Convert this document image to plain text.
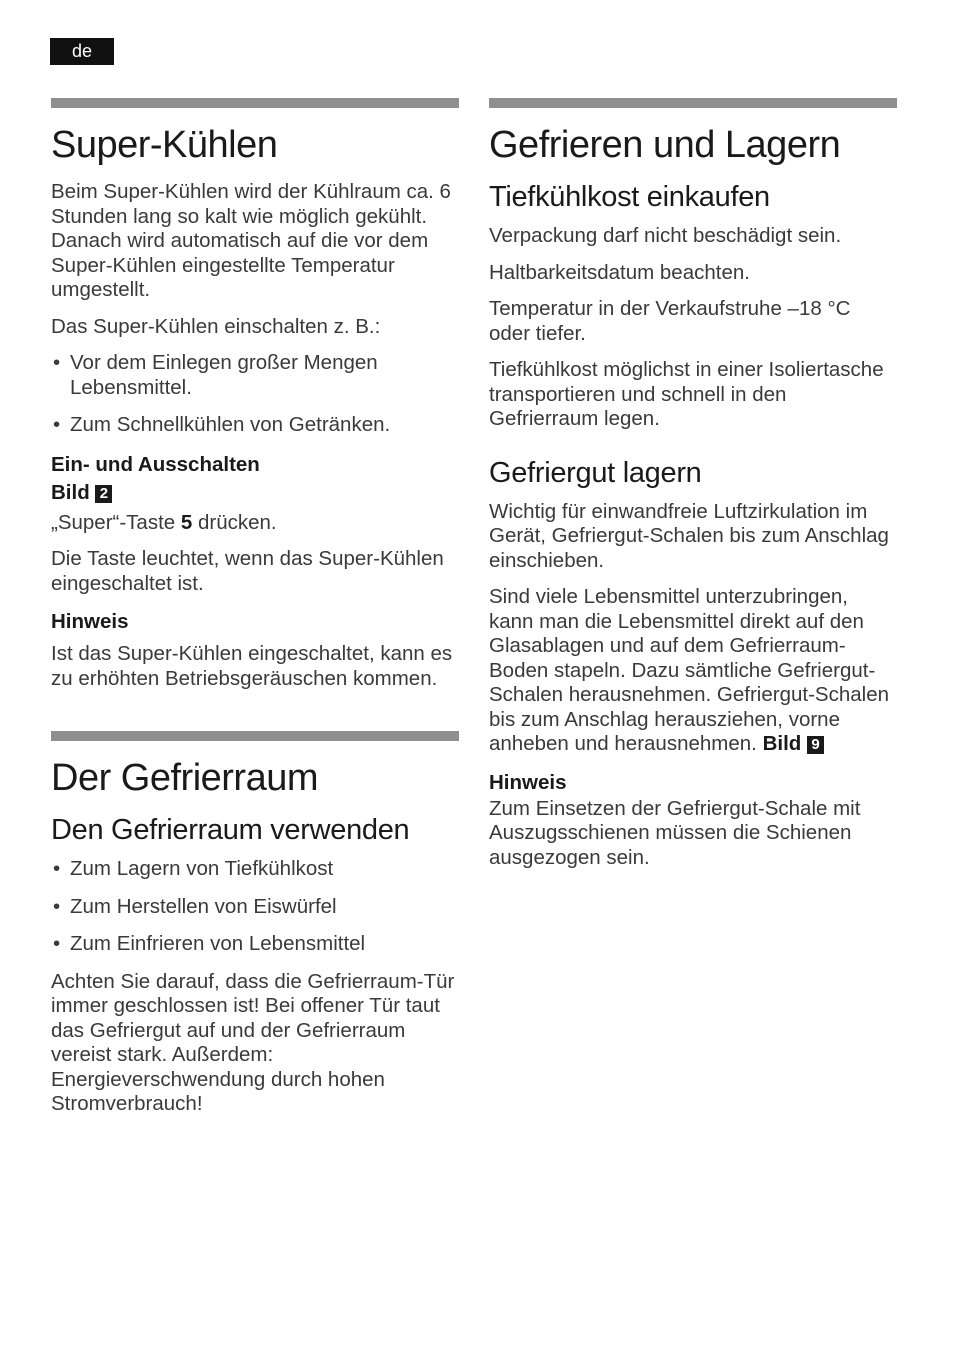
de
Super-Kühlen

Beim Super-Kühlen wird der Kühlraum ca. 6 Stunden lang so kalt wie möglich gekühlt. Danach wird automatisch auf die vor dem Super-Kühlen eingestellte Temperatur umgestellt.

Das Super-Kühlen einschalten z. B.:

• Vor dem Einlegen großer Mengen Lebensmittel.
• Zum Schnellkühlen von Getränken.
Ein- und Ausschalten
Bild 2

„Super“-Taste 5 drücken.

Die Taste leuchtet, wenn das Super-Kühlen eingeschaltet ist.

Hinweis

Ist das Super-Kühlen eingeschaltet, kann es zu erhöhten Betriebsgeräuschen kommen.

Der Gefrierraum
Den Gefrierraum verwenden
• Zum Lagern von Tiefkühlkost
• Zum Herstellen von Eiswürfel
• Zum Einfrieren von Lebensmittel

Achten Sie darauf, dass die Gefrierraum-Tür immer geschlossen ist! Bei offener Tür taut das Gefriergut auf und der Gefrierraum vereist stark. Außerdem: Energieverschwendung durch hohen Stromverbrauch!

Gefrieren und Lagern
Tiefkühlkost einkaufen

Verpackung darf nicht beschädigt sein.

Haltbarkeitsdatum beachten.

Temperatur in der Verkaufstruhe –18 °C oder tiefer.

Tiefkühlkost möglichst in einer Isoliertasche transportieren und schnell in den Gefrierraum legen.

Gefriergut lagern

Wichtig für einwandfreie Luftzirkulation im Gerät, Gefriergut-Schalen bis zum Anschlag einschieben.

Sind viele Lebensmittel unterzubringen, kann man die Lebensmittel direkt auf den Glasablagen und auf dem Gefrierraum-Boden stapeln. Dazu sämtliche Gefriergut-Schalen herausnehmen. Gefriergut-Schalen bis zum Anschlag herausziehen, vorne anheben und herausnehmen. Bild 9

Hinweis

Zum Einsetzen der Gefriergut-Schale mit Auszugsschienen müssen die Schienen ausgezogen sein.
